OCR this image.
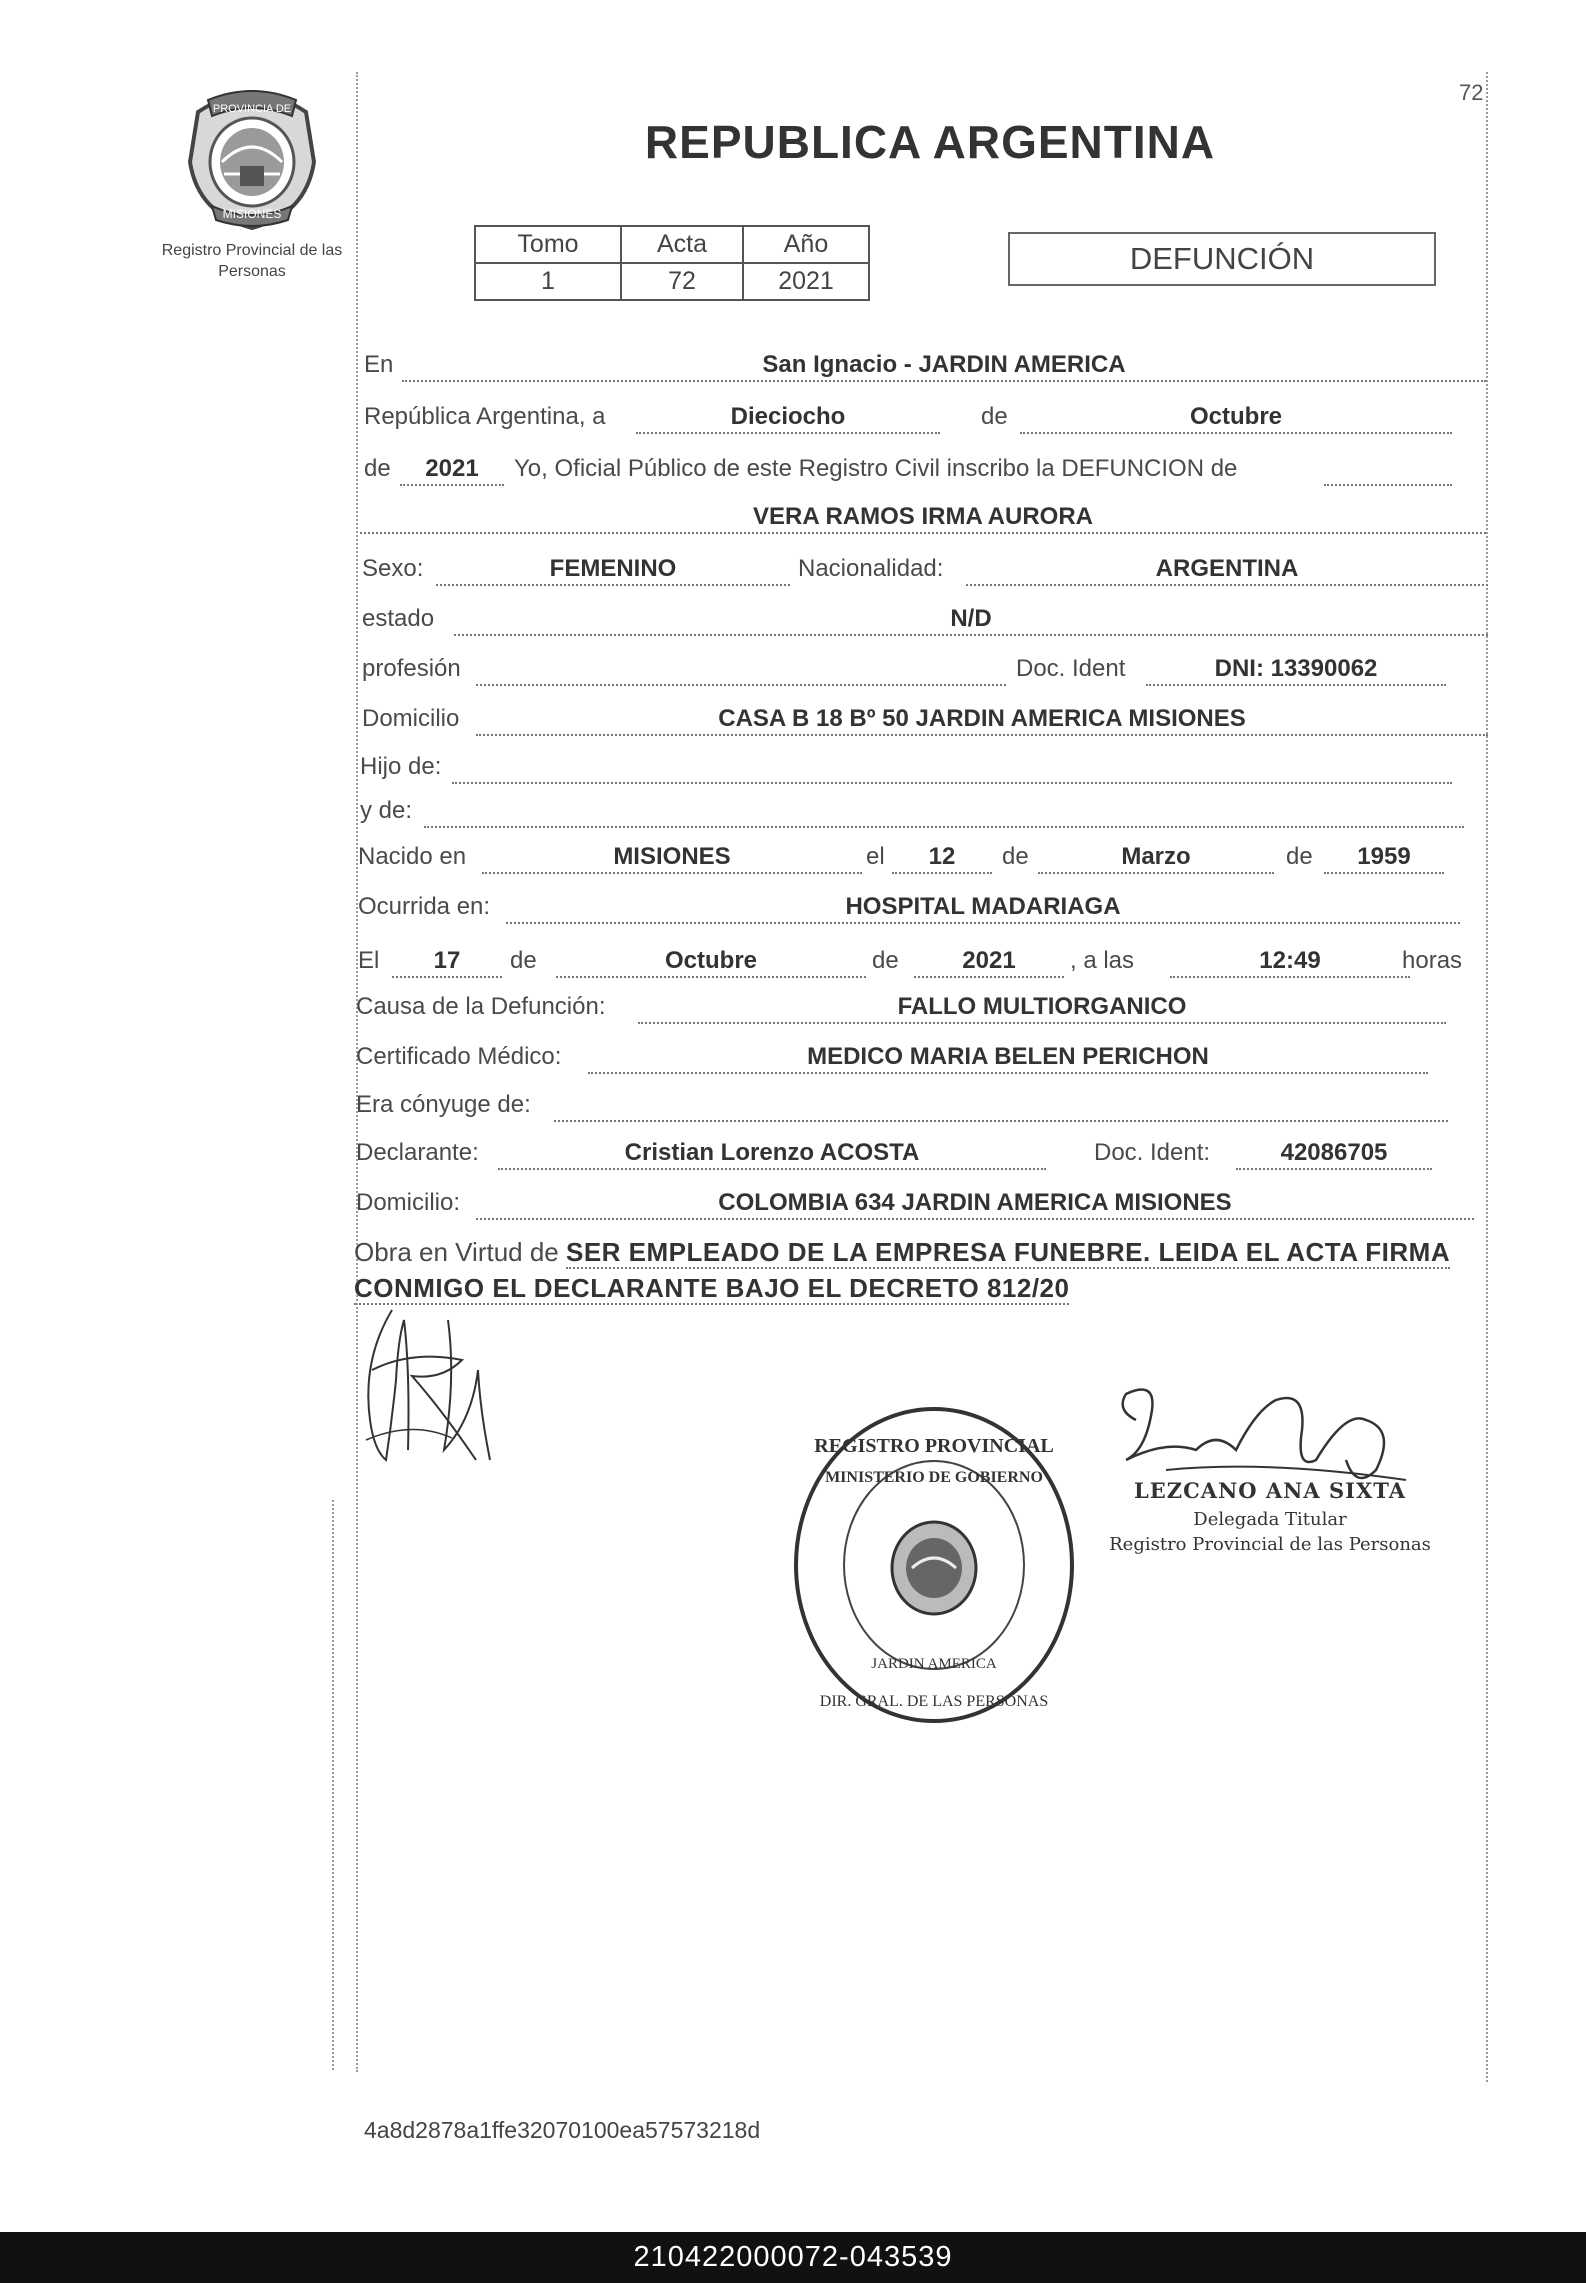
72
PROVINCIA DE
MISIONES
Registro Provincial de las Personas
REPUBLICA ARGENTINA
Tomo	Acta	Año
1	72	2021
DEFUNCIÓN
En	San Ignacio - JARDIN AMERICA
República Argentina, a	Dieciocho	de	Octubre
de	2021	Yo, Oficial Público de este Registro Civil inscribo la DEFUNCION de
VERA RAMOS IRMA AURORA
Sexo:	FEMENINO	Nacionalidad:	ARGENTINA
estado	N/D
profesión	Doc. Ident	DNI: 13390062
Domicilio	CASA B 18 Bº 50 JARDIN AMERICA MISIONES
Hijo de:
y de:
Nacido en	MISIONES	el	12	de	Marzo	de	1959
Ocurrida en:	HOSPITAL MADARIAGA
El	17	de	Octubre	de	2021	, a las	12:49	horas
Causa de la Defunción:	FALLO MULTIORGANICO
Certificado Médico:	MEDICO MARIA BELEN PERICHON
Era cónyuge de:
Declarante:	Cristian Lorenzo ACOSTA	Doc. Ident:	42086705
Domicilio:	COLOMBIA 634 JARDIN AMERICA MISIONES
Obra en Virtud de SER EMPLEADO DE LA EMPRESA FUNEBRE. LEIDA EL ACTA FIRMA CONMIGO EL DECLARANTE BAJO EL DECRETO 812/20
REGISTRO PROVINCIAL
MINISTERIO DE GOBIERNO
JARDIN AMERICA
DIR. GRAL. DE LAS PERSONAS
LEZCANO ANA SIXTA
Delegada Titular
Registro Provincial de las Personas
4a8d2878a1ffe32070100ea57573218d
210422000072-043539
